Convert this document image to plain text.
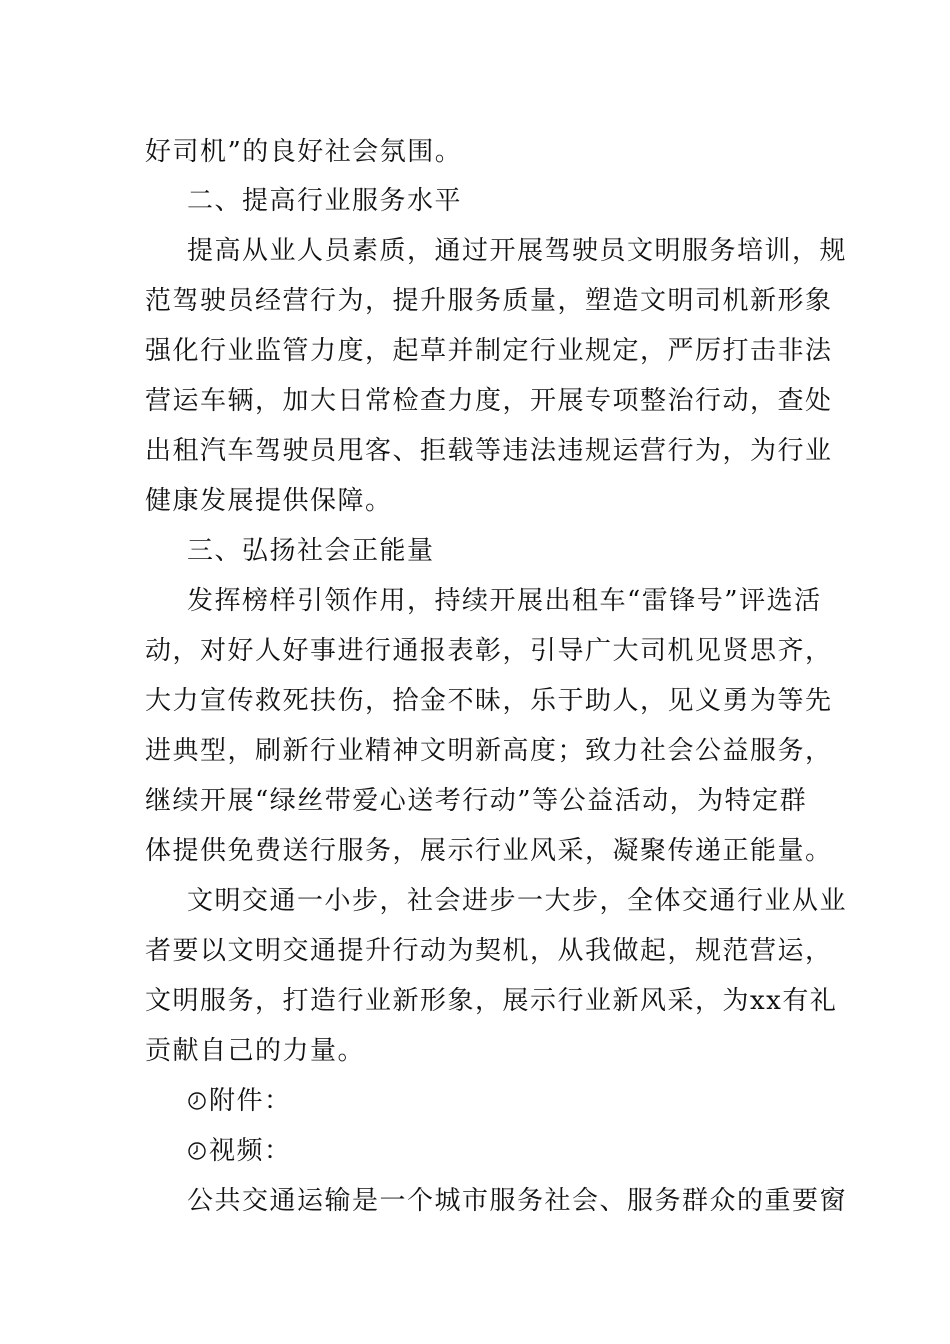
好司机”的良好社会氛围。
二、提高行业服务水平
提高从业人员素质，通过开展驾驶员文明服务培训，规
范驾驶员经营行为，提升服务质量，塑造文明司机新形象
强化行业监管力度，起草并制定行业规定，严厉打击非法
营运车辆，加大日常检查力度，开展专项整治行动，查处
出租汽车驾驶员甩客、拒载等违法违规运营行为，为行业
健康发展提供保障。
三、弘扬社会正能量
发挥榜样引领作用，持续开展出租车“雷锋号”评选活
动，对好人好事进行通报表彰，引导广大司机见贤思齐，
大力宣传救死扶伤，拾金不昧，乐于助人，见义勇为等先
进典型，刷新行业精神文明新高度；致力社会公益服务，
继续开展“绿丝带爱心送考行动”等公益活动，为特定群
体提供免费送行服务，展示行业风采，凝聚传递正能量。
文明交通一小步，社会进步一大步，全体交通行业从业
者要以文明交通提升行动为契机，从我做起，规范营运，
文明服务，打造行业新形象，展示行业新风采，为xx有礼
贡献自己的力量。
附件：
视频：
公共交通运输是一个城市服务社会、服务群众的重要窗
